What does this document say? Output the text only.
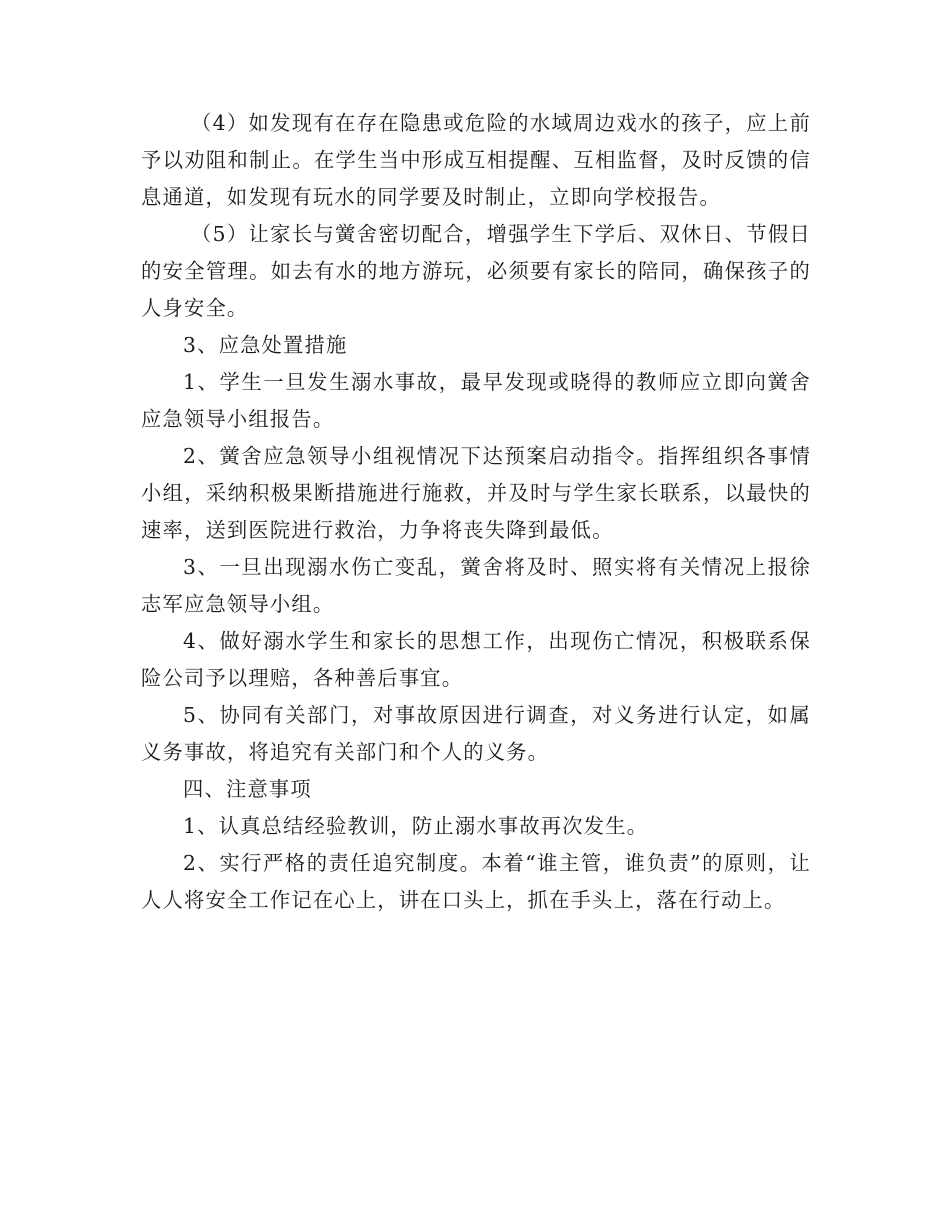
（4）如发现有在存在隐患或危险的水域周边戏水的孩子，应上前予以劝阻和制止。在学生当中形成互相提醒、互相监督，及时反馈的信息通道，如发现有玩水的同学要及时制止，立即向学校报告。

（5）让家长与黉舍密切配合，增强学生下学后、双休日、节假日的安全管理。如去有水的地方游玩，必须要有家长的陪同，确保孩子的人身安全。

3、应急处置措施

1、学生一旦发生溺水事故，最早发现或晓得的教师应立即向黉舍应急领导小组报告。

2、黉舍应急领导小组视情况下达预案启动指令。指挥组织各事情小组，采纳积极果断措施进行施救，并及时与学生家长联系，以最快的速率，送到医院进行救治，力争将丧失降到最低。

3、一旦出现溺水伤亡变乱，黉舍将及时、照实将有关情况上报徐志军应急领导小组。

4、做好溺水学生和家长的思想工作，出现伤亡情况，积极联系保险公司予以理赔，各种善后事宜。

5、协同有关部门，对事故原因进行调查，对义务进行认定，如属义务事故，将追究有关部门和个人的义务。

四、注意事项

1、认真总结经验教训，防止溺水事故再次发生。

2、实行严格的责任追究制度。本着“谁主管，谁负责”的原则，让人人将安全工作记在心上，讲在口头上，抓在手头上，落在行动上。
